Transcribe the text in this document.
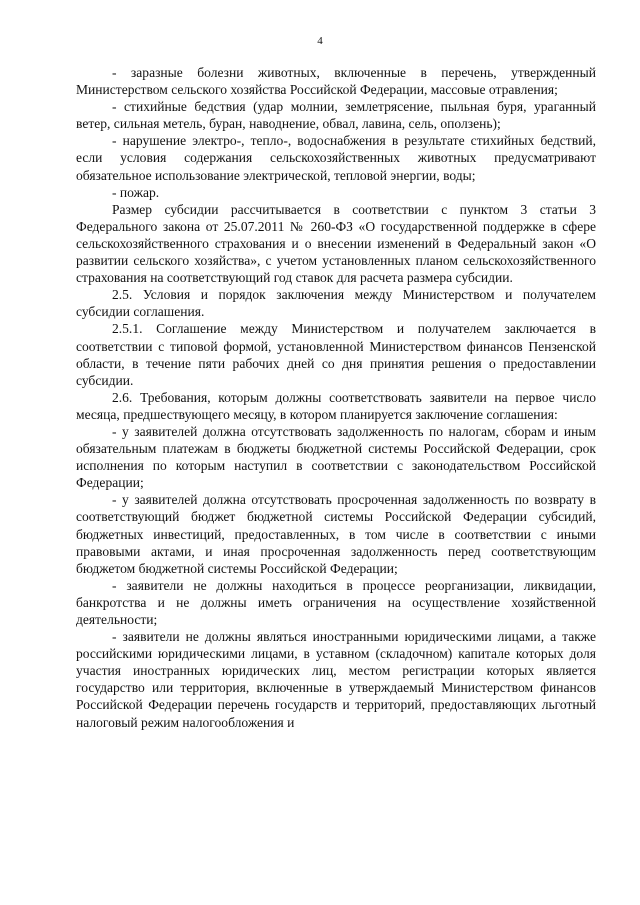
4

- заразные болезни животных, включенные в перечень, утвержденный Министерством сельского хозяйства Российской Федерации, массовые отравления;

- стихийные бедствия (удар молнии, землетрясение, пыльная буря, ураганный ветер, сильная метель, буран, наводнение, обвал, лавина, сель, оползень);

- нарушение электро-, тепло-, водоснабжения в результате стихийных бедствий, если условия содержания сельскохозяйственных животных предусматривают обязательное использование электрической, тепловой энергии, воды;

- пожар.

Размер субсидии рассчитывается в соответствии с пунктом 3 статьи 3 Федерального закона от 25.07.2011 № 260-ФЗ «О государственной поддержке в сфере сельскохозяйственного страхования и о внесении изменений в Федеральный закон «О развитии сельского хозяйства», с учетом установленных планом сельскохозяйственного страхования на соответствующий год ставок для расчета размера субсидии.

2.5. Условия и порядок заключения между Министерством и получателем субсидии соглашения.

2.5.1. Соглашение между Министерством и получателем заключается в соответствии с типовой формой, установленной Министерством финансов Пензенской области, в течение пяти рабочих дней со дня принятия решения о предоставлении субсидии.

2.6. Требования, которым должны соответствовать заявители на первое число месяца, предшествующего месяцу, в котором планируется заключение соглашения:

- у заявителей должна отсутствовать задолженность по налогам, сборам и иным обязательным платежам в бюджеты бюджетной системы Российской Федерации, срок исполнения по которым наступил в соответствии с законодательством Российской Федерации;

- у заявителей должна отсутствовать просроченная задолженность по возврату в соответствующий бюджет бюджетной системы Российской Федерации субсидий, бюджетных инвестиций, предоставленных, в том числе в соответствии с иными правовыми актами, и иная просроченная задолженность перед соответствующим бюджетом бюджетной системы Российской Федерации;

- заявители не должны находиться в процессе реорганизации, ликвидации, банкротства и не должны иметь ограничения на осуществление хозяйственной деятельности;

- заявители не должны являться иностранными юридическими лицами, а также российскими юридическими лицами, в уставном (складочном) капитале которых доля участия иностранных юридических лиц, местом регистрации которых является государство или территория, включенные в утверждаемый Министерством финансов Российской Федерации перечень государств и территорий, предоставляющих льготный налоговый режим налогообложения и
